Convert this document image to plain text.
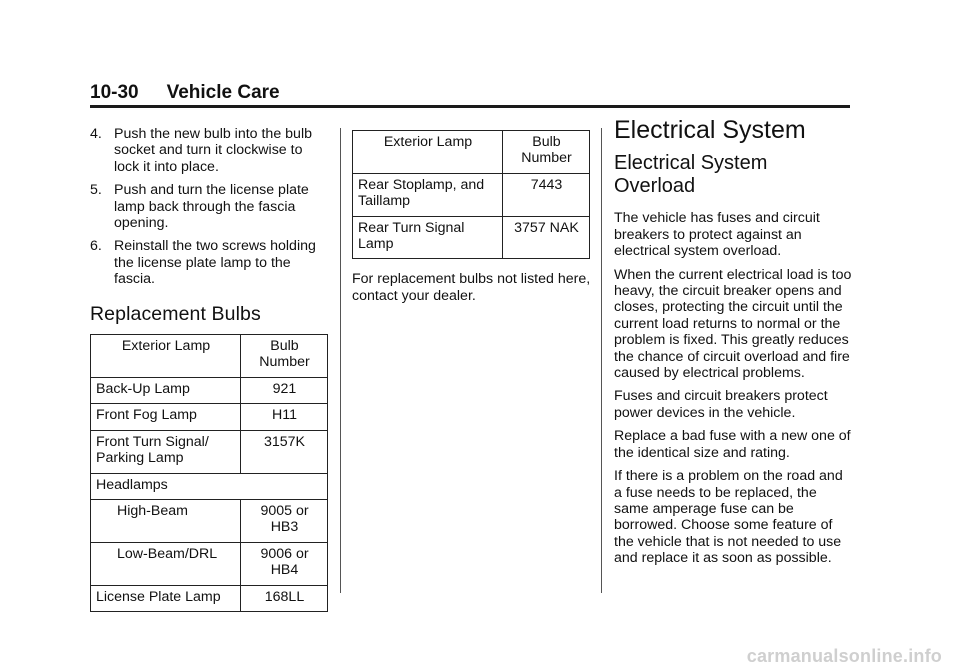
10-30 Vehicle Care
4. Push the new bulb into the bulb socket and turn it clockwise to lock it into place.
5. Push and turn the license plate lamp back through the fascia opening.
6. Reinstall the two screws holding the license plate lamp to the fascia.
Replacement Bulbs
Exterior Lamp	Bulb Number
Back-Up Lamp	921
Front Fog Lamp	H11
Front Turn Signal/ Parking Lamp	3157K
Headlamps	
High-Beam	9005 or HB3
Low-Beam/DRL	9006 or HB4
License Plate Lamp	168LL
Exterior Lamp	Bulb Number
Rear Stoplamp, and Taillamp	7443
Rear Turn Signal Lamp	3757 NAK

For replacement bulbs not listed here, contact your dealer.

Electrical System
Electrical System Overload

The vehicle has fuses and circuit breakers to protect against an electrical system overload.

When the current electrical load is too heavy, the circuit breaker opens and closes, protecting the circuit until the current load returns to normal or the problem is fixed. This greatly reduces the chance of circuit overload and fire caused by electrical problems.

Fuses and circuit breakers protect power devices in the vehicle.

Replace a bad fuse with a new one of the identical size and rating.

If there is a problem on the road and a fuse needs to be replaced, the same amperage fuse can be borrowed. Choose some feature of the vehicle that is not needed to use and replace it as soon as possible.

carmanualsonline.info
